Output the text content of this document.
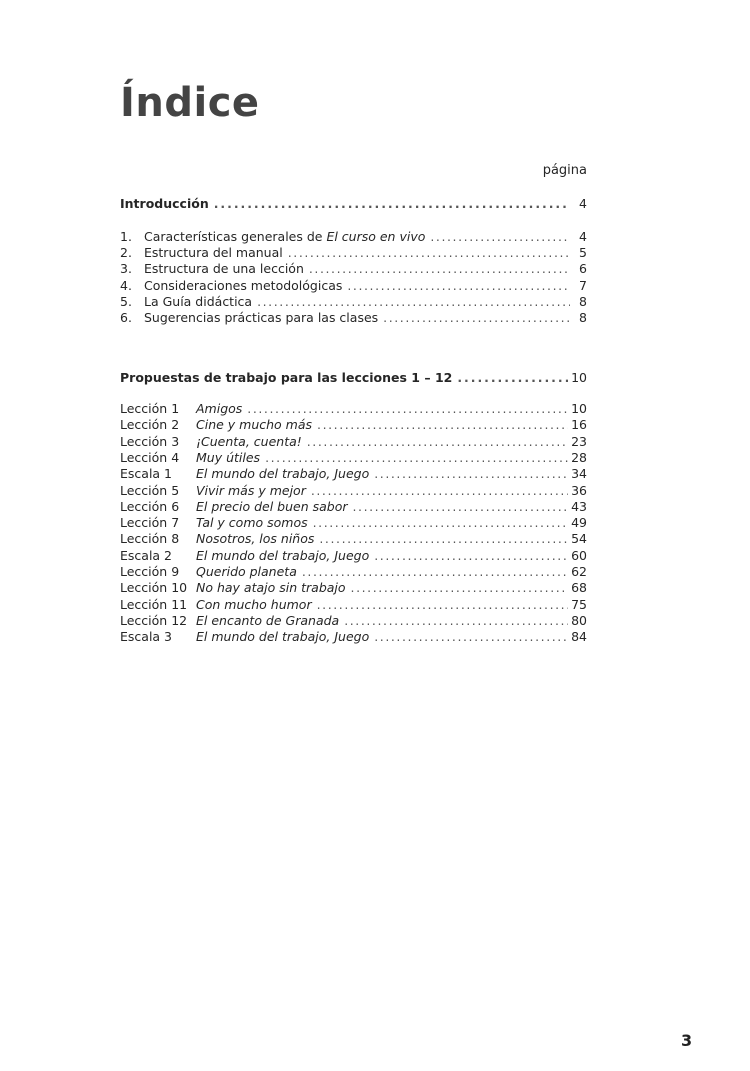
Índice
página
Introducción . . .	4
1. Características generales de El curso en vivo . . .	4
2. Estructura del manual . . .	5
3. Estructura de una lección . . .	6
4. Consideraciones metodológicas . . .	7
5. La Guía didáctica . . .	8
6. Sugerencias prácticas para las clases . . .	8
Propuestas de trabajo para las lecciones 1 – 12 . . .	10
Lección 1 Amigos . . .	10
Lección 2 Cine y mucho más . . .	16
Lección 3 ¡Cuenta, cuenta! . . .	23
Lección 4 Muy útiles . . .	28
Escala 1 El mundo del trabajo, Juego . . .	34
Lección 5 Vivir más y mejor . . .	36
Lección 6 El precio del buen sabor . . .	43
Lección 7 Tal y como somos . . .	49
Lección 8 Nosotros, los niños . . .	54
Escala 2 El mundo del trabajo, Juego . . .	60
Lección 9 Querido planeta . . .	62
Lección 10 No hay atajo sin trabajo . . .	68
Lección 11 Con mucho humor . . .	75
Lección 12 El encanto de Granada . . .	80
Escala 3 El mundo del trabajo, Juego . . .	84
3
